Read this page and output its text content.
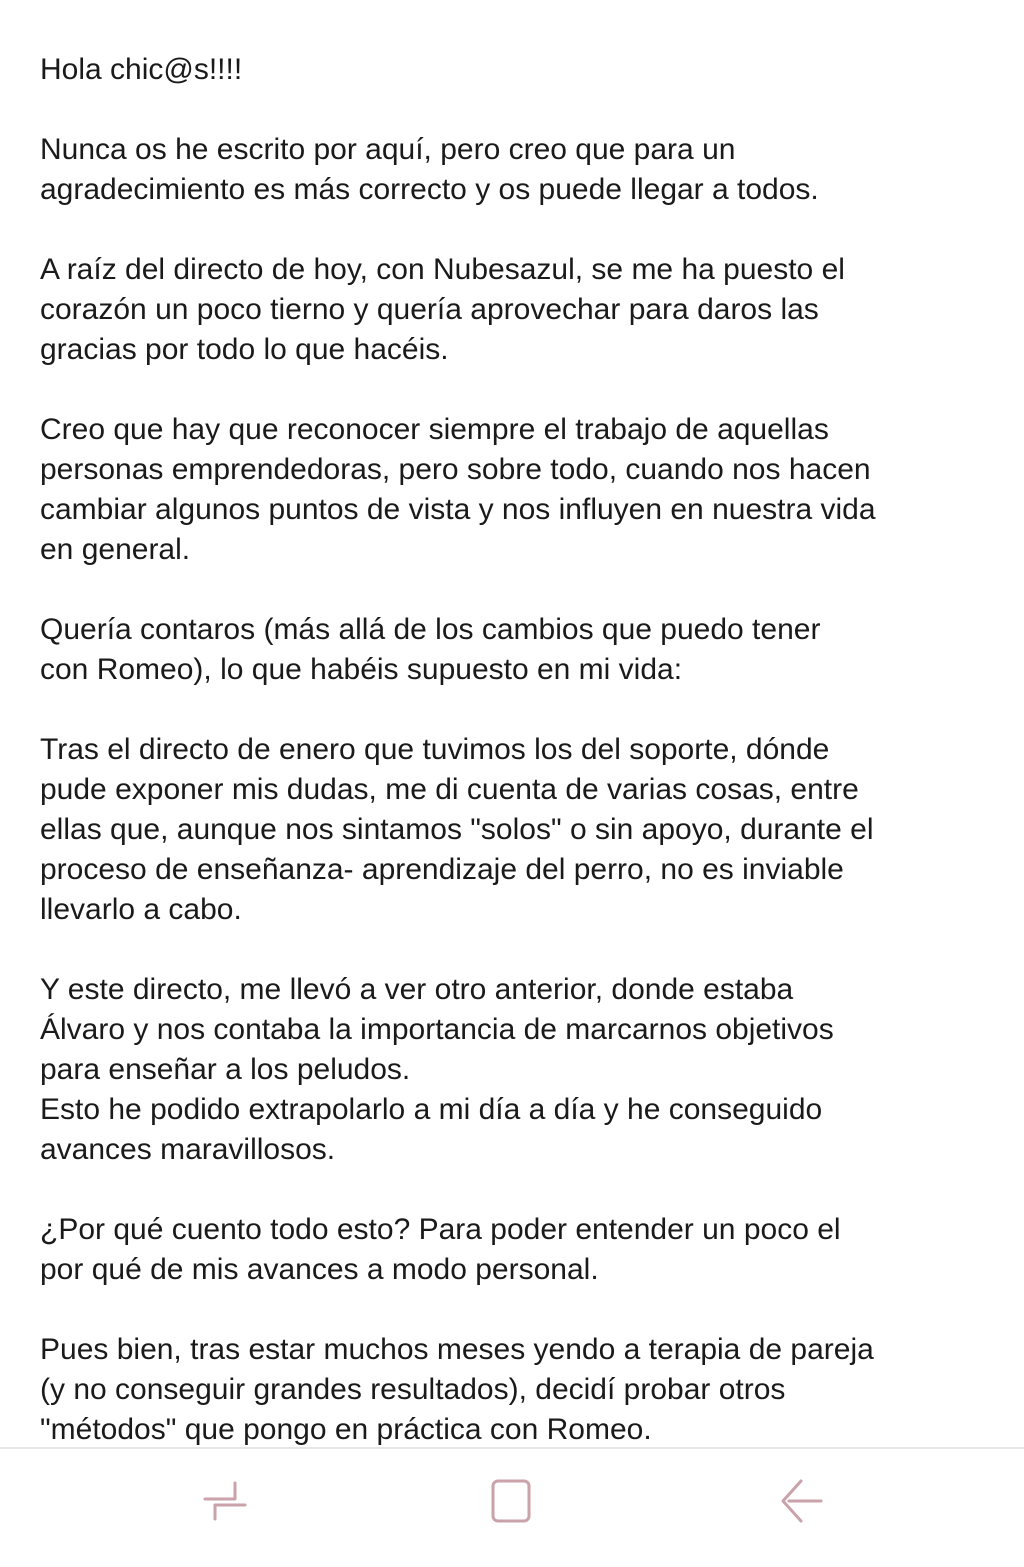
Hola chic@s!!!!

Nunca os he escrito por aquí, pero creo que para un
agradecimiento es más correcto y os puede llegar a todos.

A raíz del directo de hoy, con Nubesazul, se me ha puesto el
corazón un poco tierno y quería aprovechar para daros las
gracias por todo lo que hacéis.

Creo que hay que reconocer siempre el trabajo de aquellas
personas emprendedoras, pero sobre todo, cuando nos hacen
cambiar algunos puntos de vista y nos influyen en nuestra vida
en general.

Quería contaros (más allá de los cambios que puedo tener
con Romeo), lo que habéis supuesto en mi vida:

Tras el directo de enero que tuvimos los del soporte, dónde
pude exponer mis dudas, me di cuenta de varias cosas, entre
ellas que, aunque nos sintamos "solos" o sin apoyo, durante el
proceso de enseñanza- aprendizaje del perro, no es inviable
llevarlo a cabo.

Y este directo, me llevó a ver otro anterior, donde estaba
Álvaro y nos contaba la importancia de marcarnos objetivos
para enseñar a los peludos.
Esto he podido extrapolarlo a mi día a día y he conseguido
avances maravillosos.

¿Por qué cuento todo esto? Para poder entender un poco el
por qué de mis avances a modo personal.

Pues bien, tras estar muchos meses yendo a terapia de pareja
(y no conseguir grandes resultados), decidí probar otros
"métodos" que pongo en práctica con Romeo.
